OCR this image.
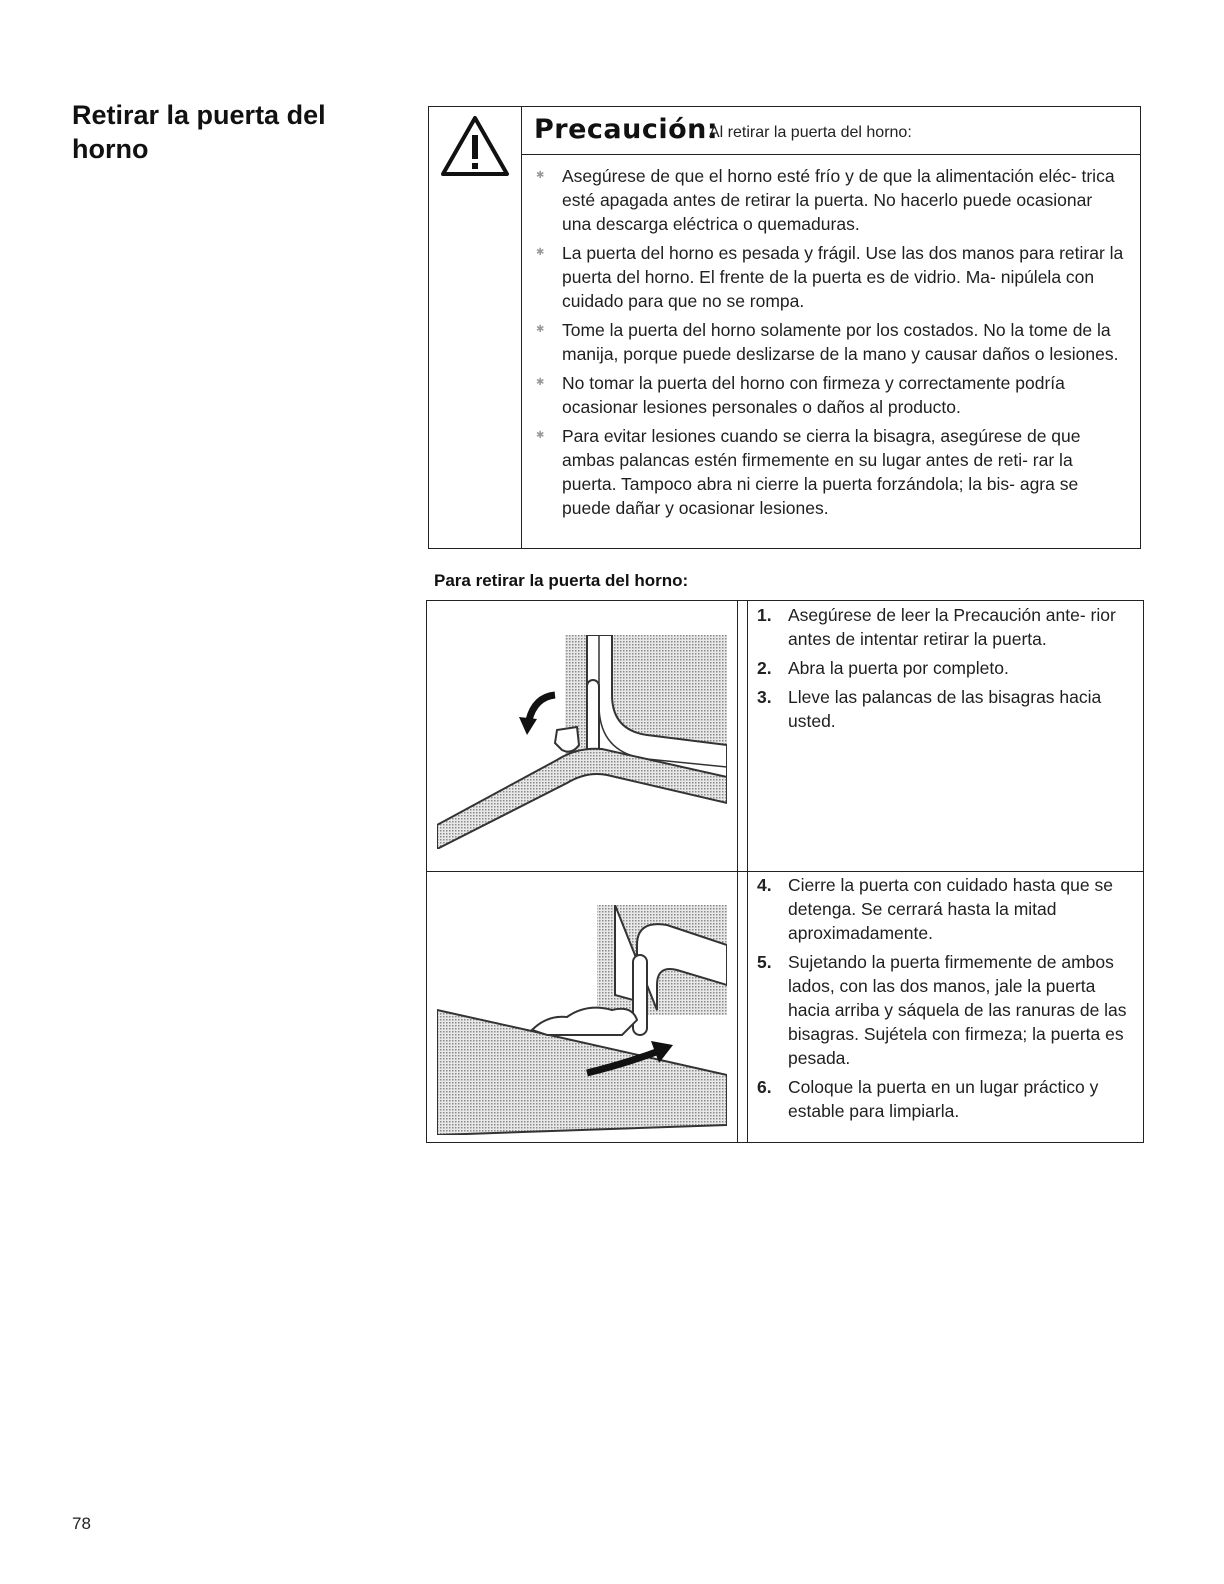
Retirar la puerta del horno
Precaución:
Al retirar la puerta del horno:
✱ Asegúrese de que el horno esté frío y de que la alimentación eléc- trica esté apagada antes de retirar la puerta. No hacerlo puede ocasionar una descarga eléctrica o quemaduras.
✱ La puerta del horno es pesada y frágil. Use las dos manos para retirar la puerta del horno. El frente de la puerta es de vidrio. Ma- nipúlela con cuidado para que no se rompa.
✱ Tome la puerta del horno solamente por los costados. No la tome de la manija, porque puede deslizarse de la mano y causar daños o lesiones.
✱ No tomar la puerta del horno con firmeza y correctamente podría ocasionar lesiones personales o daños al producto.
✱ Para evitar lesiones cuando se cierra la bisagra, asegúrese de que ambas palancas estén firmemente en su lugar antes de reti- rar la puerta. Tampoco abra ni cierre la puerta forzándola; la bis- agra se puede dañar y ocasionar lesiones.
Para retirar la puerta del horno:
1. Asegúrese de leer la Precaución ante- rior antes de intentar retirar la puerta.
2. Abra la puerta por completo.
3. Lleve las palancas de las bisagras hacia usted.
4. Cierre la puerta con cuidado hasta que se detenga. Se cerrará hasta la mitad aproximadamente.
5. Sujetando la puerta firmemente de ambos lados, con las dos manos, jale la puerta hacia arriba y sáquela de las ranuras de las bisagras. Sujétela con firmeza; la puerta es pesada.
6. Coloque la puerta en un lugar práctico y estable para limpiarla.
78
